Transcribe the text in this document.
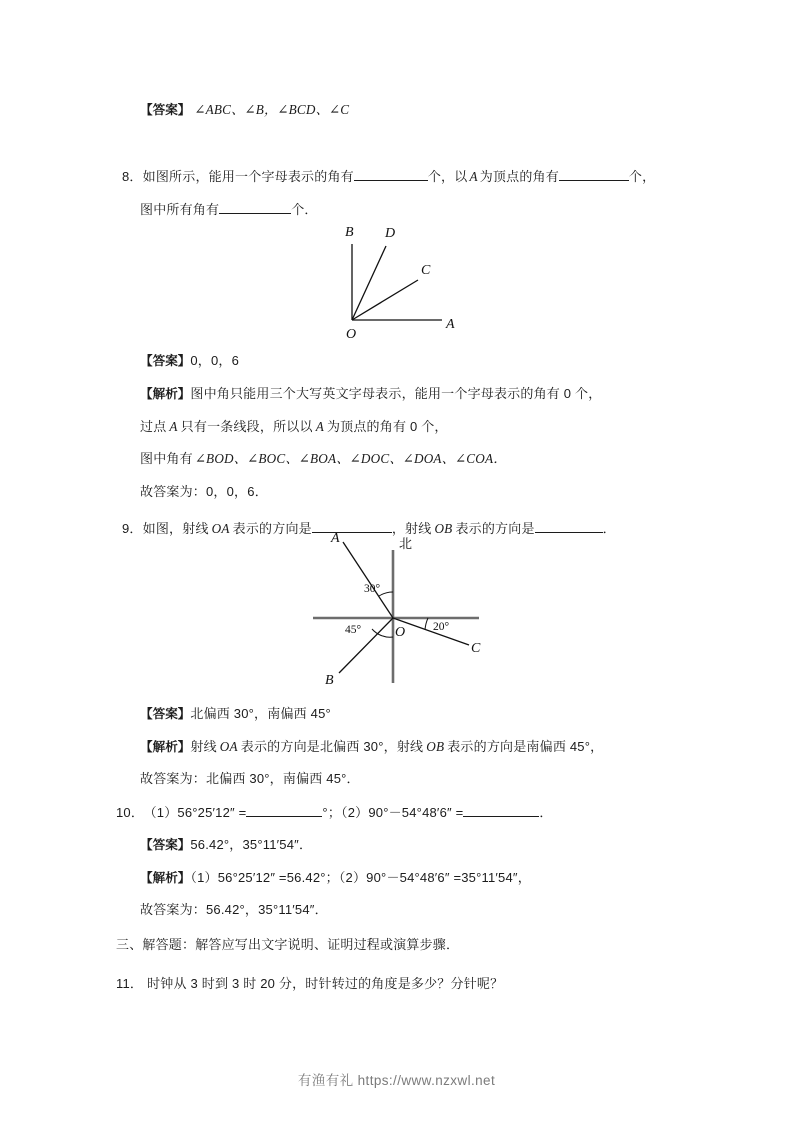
【答案】 ∠ABC、∠B，∠BCD、∠C
8．如图所示，能用一个字母表示的角有	个，以 A 为顶点的角有	个，
图中所有角有	个．
O
A
B D
C
【答案】0，0，6
【解析】图中角只能用三个大写英文字母表示，能用一个字母表示的角有 0 个，
过点 A 只有一条线段，所以以 A 为顶点的角有 0 个，
图中角有 ∠BOD、∠BOC、∠BOA、∠DOC、∠DOA、∠COA．
故答案为：0，0，6．
9．如图，射线 OA 表示的方向是	，射线 OB 表示的方向是	．
A
B
C
O
北
30°
45°	20°
【答案】北偏西 30°，南偏西 45°
【解析】射线 OA 表示的方向是北偏西 30°，射线 OB 表示的方向是南偏西 45°，
故答案为：北偏西 30°，南偏西 45°．
10． （1）56°25′12″ =	°；（2）90°－54°48′6″ =	．
【答案】56.42°，35°11′54″．
【解析】（1）56°25′12″ =56.42°；（2）90°－54°48′6″ =35°11′54″，
故答案为：56.42°，35°11′54″．
三、解答题：解答应写出文字说明、证明过程或演算步骤．
11． 时钟从 3 时到 3 时 20 分，时针转过的角度是多少？分针呢？
有渔有礼 https://www.nzxwl.net
